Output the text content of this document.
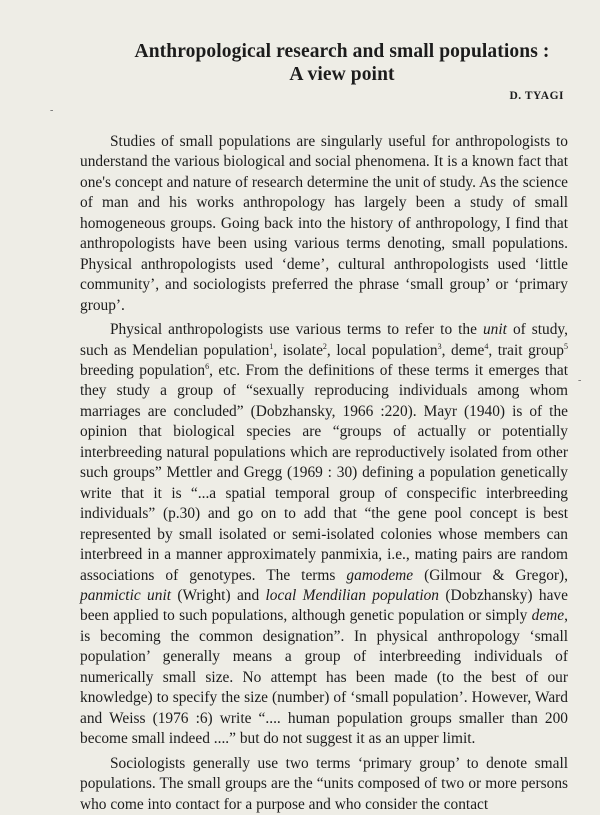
Anthropological research and small populations :
A view point
D. TYAGI

Studies of small populations are singularly useful for anthropologists to understand the various biological and social phenomena. It is a known fact that one's concept and nature of research determine the unit of study. As the science of man and his works anthropology has largely been a study of small homogeneous groups. Going back into the history of anthropology, I find that anthropologists have been using various terms denoting, small populations. Physical anthropologists used ‘deme’, cultural anthropologists used ‘little community’, and sociologists preferred the phrase ‘small group’ or ‘primary group’.

Physical anthropologists use various terms to refer to the unit of study, such as Mendelian population$^1$, isolate$^2$, local population$^3$, deme$^4$, trait group$^5$ breeding population$^6$, etc. From the definitions of these terms it emerges that they study a group of “sexually reproducing individuals among whom marriages are concluded” (Dobzhansky, 1966 :220). Mayr (1940) is of the opinion that biological species are “groups of actually or potentially interbreeding natural populations which are reproductively isolated from other such groups” Mettler and Gregg (1969 : 30) defining a population genetically write that it is “...a spatial temporal group of conspecific interbreeding individuals” (p.30) and go on to add that “the gene pool concept is best represented by small isolated or semi-isolated colonies whose members can interbreed in a manner approximately panmixia, i.e., mating pairs are random associations of genotypes. The terms gamodeme (Gilmour & Gregor), panmictic unit (Wright) and local Mendilian population (Dobzhansky) have been applied to such populations, although genetic population or simply deme, is becoming the common designation”. In physical anthropology ‘small population’ generally means a group of interbreeding individuals of numerically small size. No attempt has been made (to the best of our knowledge) to specify the size (number) of ‘small population’. However, Ward and Weiss (1976 :6) write “.... human population groups smaller than 200 become small indeed ....” but do not suggest it as an upper limit.

Sociologists generally use two terms ‘primary group’ to denote small populations. The small groups are the “units composed of two or more persons who come into contact for a purpose and who consider the contact

-
-
